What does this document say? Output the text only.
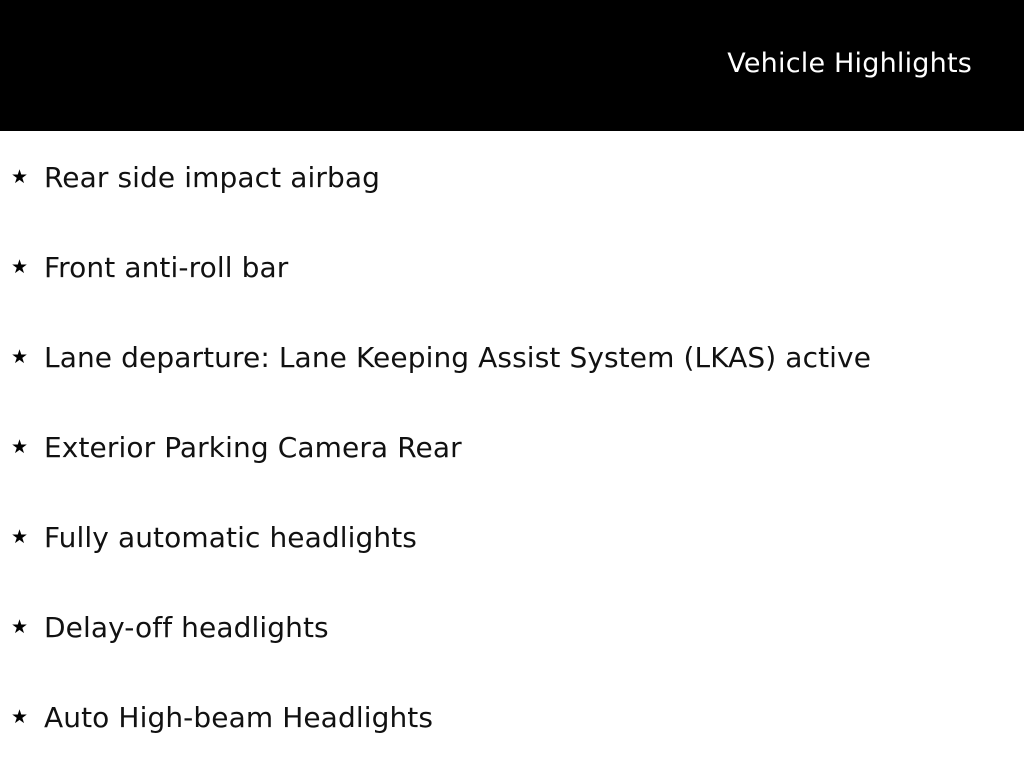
Vehicle Highlights
★ Rear side impact airbag
★ Front anti-roll bar
★ Lane departure: Lane Keeping Assist System (LKAS) active
★ Exterior Parking Camera Rear
★ Fully automatic headlights
★ Delay-off headlights
★ Auto High-beam Headlights
